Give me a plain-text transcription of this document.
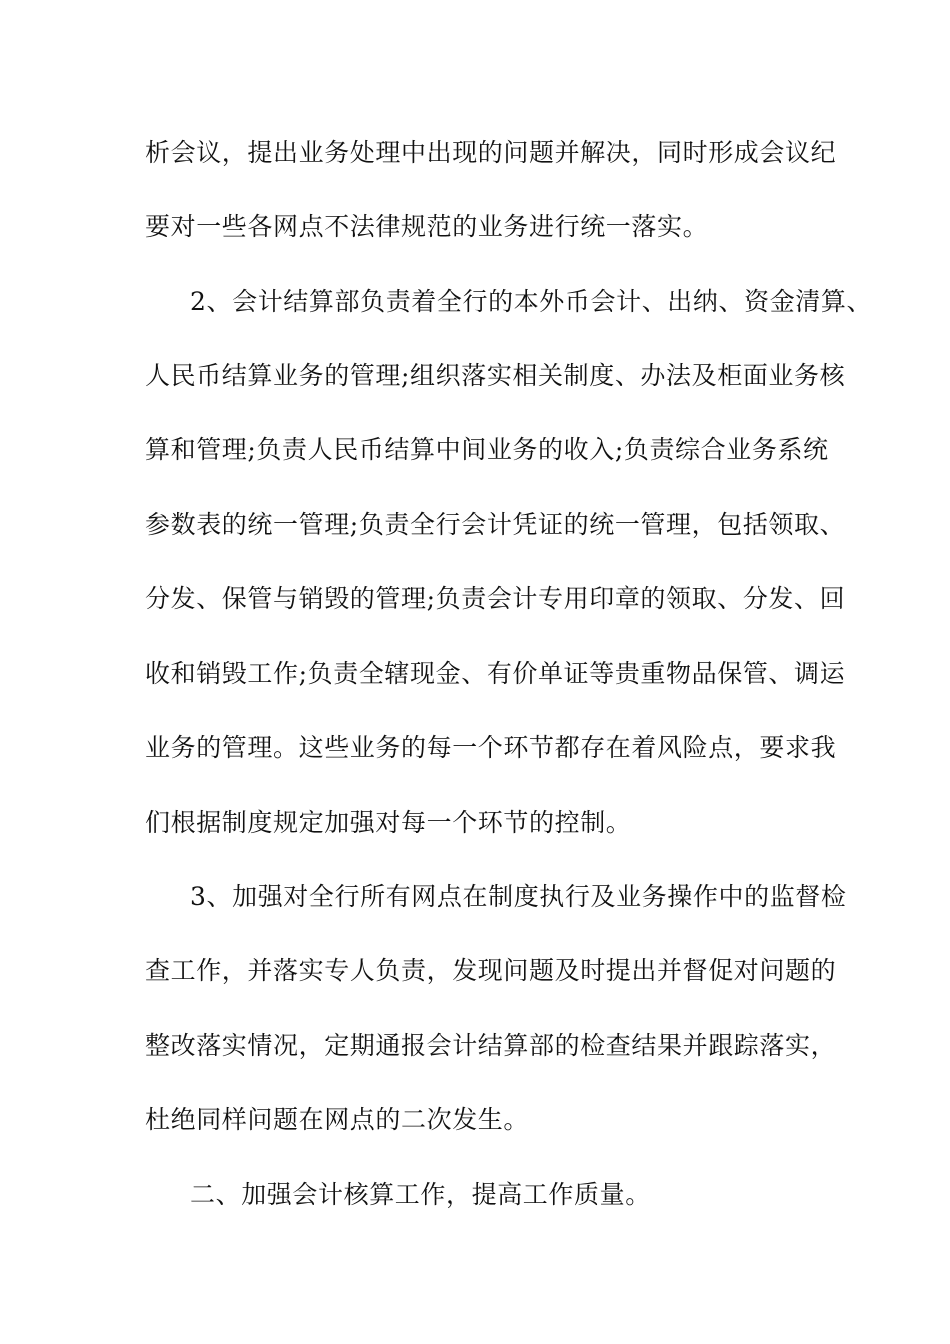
析会议，提出业务处理中出现的问题并解决，同时形成会议纪
要对一些各网点不法律规范的业务进行统一落实。
2、会计结算部负责着全行的本外币会计、出纳、资金清算、
人民币结算业务的管理;组织落实相关制度、办法及柜面业务核
算和管理;负责人民币结算中间业务的收入;负责综合业务系统
参数表的统一管理;负责全行会计凭证的统一管理，包括领取、
分发、保管与销毁的管理;负责会计专用印章的领取、分发、回
收和销毁工作;负责全辖现金、有价单证等贵重物品保管、调运
业务的管理。这些业务的每一个环节都存在着风险点，要求我
们根据制度规定加强对每一个环节的控制。
3、加强对全行所有网点在制度执行及业务操作中的监督检
查工作，并落实专人负责，发现问题及时提出并督促对问题的
整改落实情况，定期通报会计结算部的检查结果并跟踪落实，
杜绝同样问题在网点的二次发生。
二、加强会计核算工作，提高工作质量。
